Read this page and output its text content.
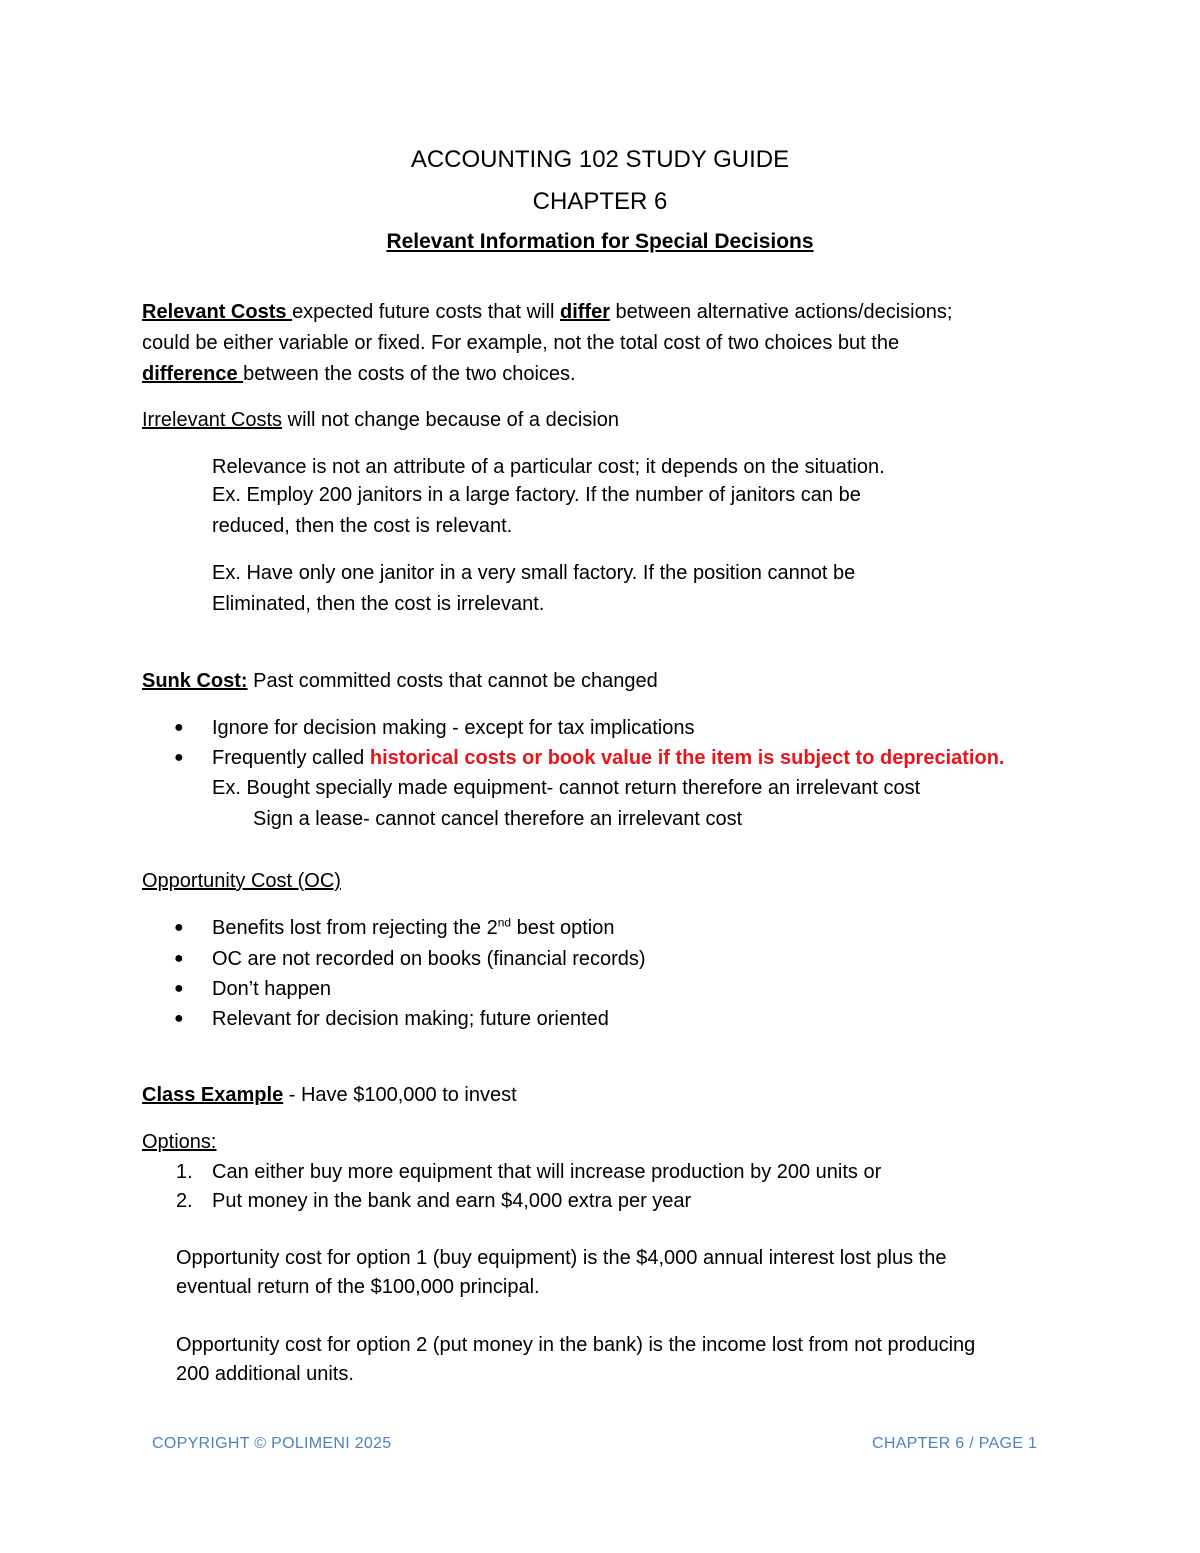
ACCOUNTING 102 STUDY GUIDE
CHAPTER 6
Relevant Information for Special Decisions
Relevant Costs expected future costs that will differ between alternative actions/decisions;
could be either variable or fixed. For example, not the total cost of two choices but the
difference between the costs of the two choices.
Irrelevant Costs will not change because of a decision
Relevance is not an attribute of a particular cost; it depends on the situation.
Ex. Employ 200 janitors in a large factory. If the number of janitors can be
reduced, then the cost is relevant.
Ex. Have only one janitor in a very small factory. If the position cannot be
Eliminated, then the cost is irrelevant.
Sunk Cost: Past committed costs that cannot be changed
● Ignore for decision making - except for tax implications
● Frequently called historical costs or book value if the item is subject to depreciation.
Ex. Bought specially made equipment- cannot return therefore an irrelevant cost
Sign a lease- cannot cancel therefore an irrelevant cost
Opportunity Cost (OC)
● Benefits lost from rejecting the 2nd best option
● OC are not recorded on books (financial records)
● Don’t happen
● Relevant for decision making; future oriented
Class Example - Have $100,000 to invest
Options:
1. Can either buy more equipment that will increase production by 200 units or
2. Put money in the bank and earn $4,000 extra per year
Opportunity cost for option 1 (buy equipment) is the $4,000 annual interest lost plus the
eventual return of the $100,000 principal.
Opportunity cost for option 2 (put money in the bank) is the income lost from not producing
200 additional units.
COPYRIGHT © POLIMENI 2025	CHAPTER 6 / PAGE 1
